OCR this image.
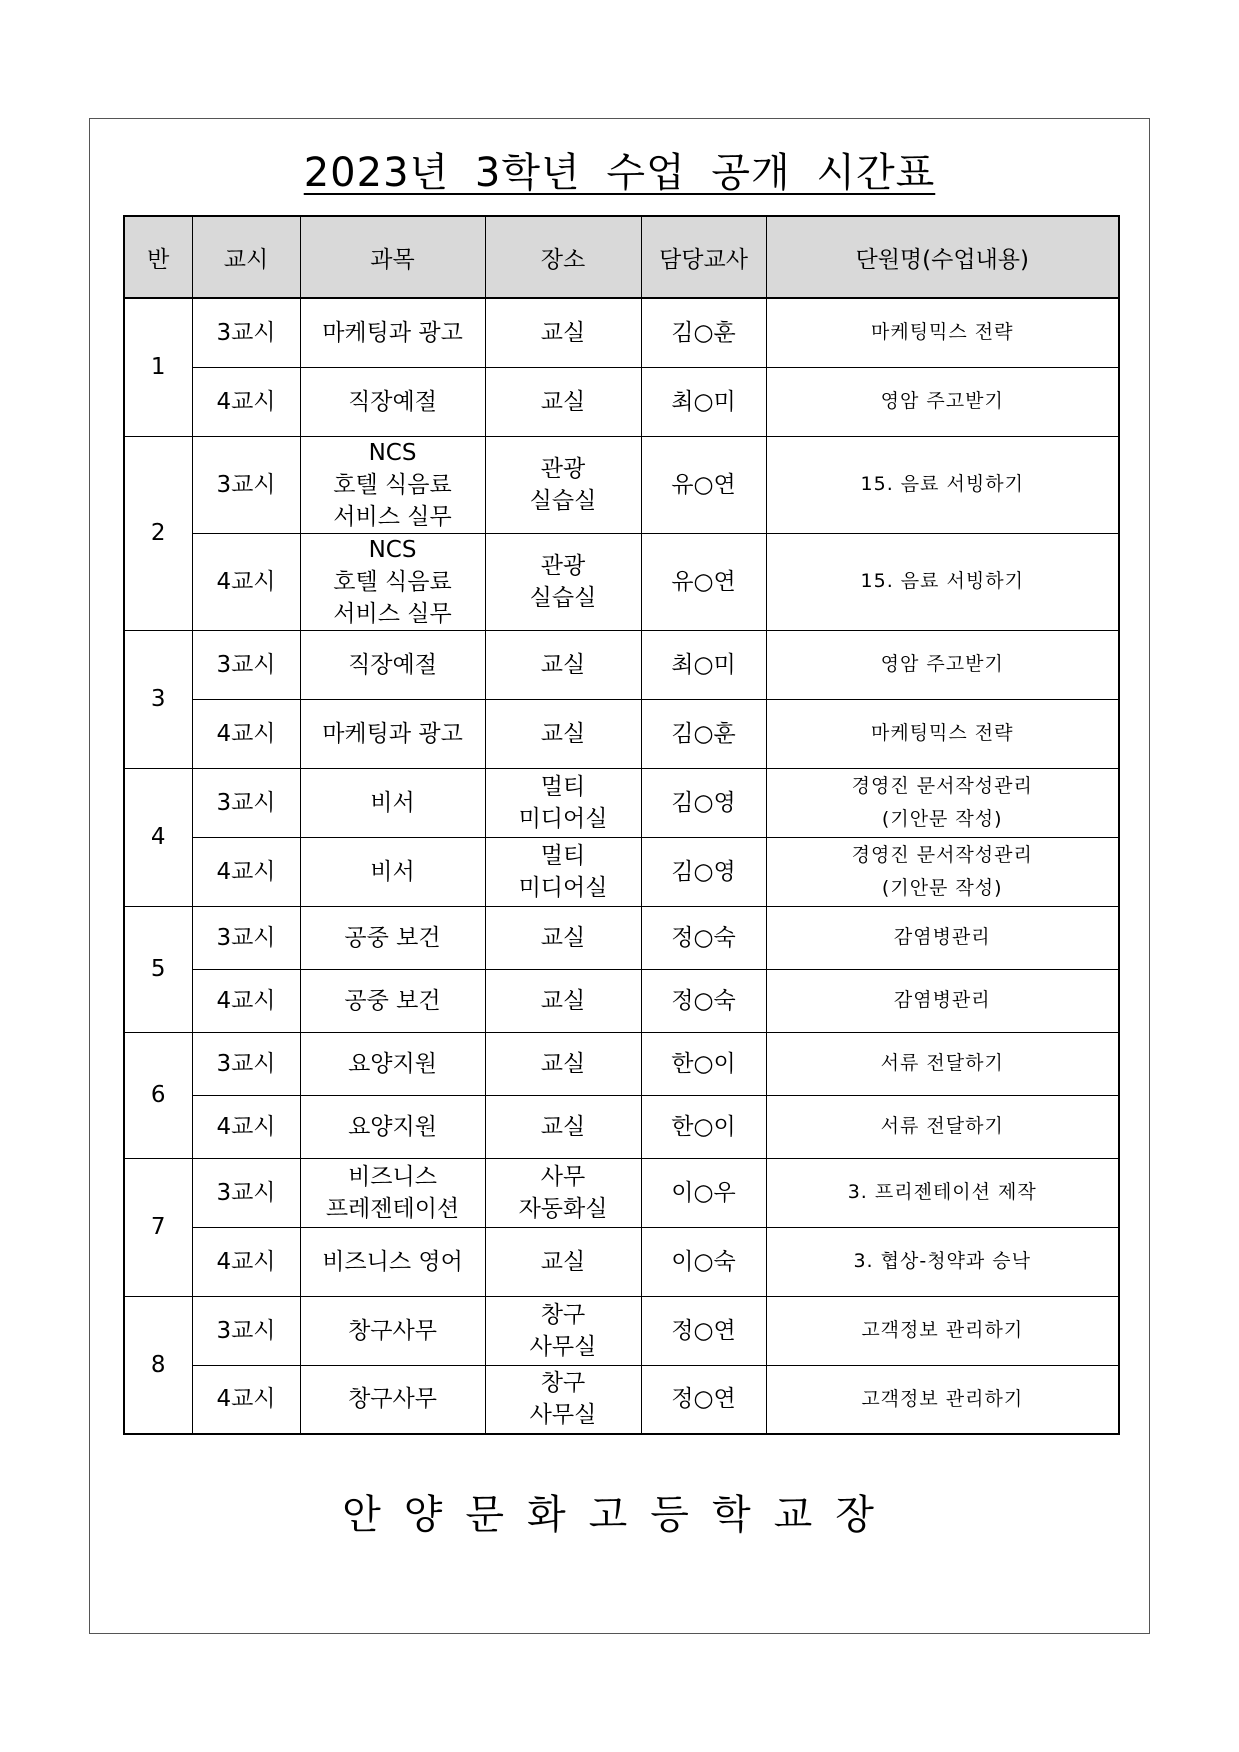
2023년 3학년 수업 공개 시간표
반	교시	과목	장소	담당교사	단원명(수업내용)
1	3교시	마케팅과 광고	교실	김○훈	마케팅믹스 전략
	4교시	직장예절	교실	최○미	영암 주고받기
2	3교시	NCS
호텔 식음료
서비스 실무	관광
실습실	유○연	15. 음료 서빙하기
	4교시	NCS
호텔 식음료
서비스 실무	관광
실습실	유○연	15. 음료 서빙하기
3	3교시	직장예절	교실	최○미	영암 주고받기
	4교시	마케팅과 광고	교실	김○훈	마케팅믹스 전략
4	3교시	비서	멀티
미디어실	김○영	경영진 문서작성관리
(기안문 작성)
	4교시	비서	멀티
미디어실	김○영	경영진 문서작성관리
(기안문 작성)
5	3교시	공중 보건	교실	정○숙	감염병관리
	4교시	공중 보건	교실	정○숙	감염병관리
6	3교시	요양지원	교실	한○이	서류 전달하기
	4교시	요양지원	교실	한○이	서류 전달하기
7	3교시	비즈니스
프레젠테이션	사무
자동화실	이○우	3. 프리젠테이션 제작
	4교시	비즈니스 영어	교실	이○숙	3. 협상-청약과 승낙
8	3교시	창구사무	창구
사무실	정○연	고객정보 관리하기
	4교시	창구사무	창구
사무실	정○연	고객정보 관리하기
안양문화고등학교장
